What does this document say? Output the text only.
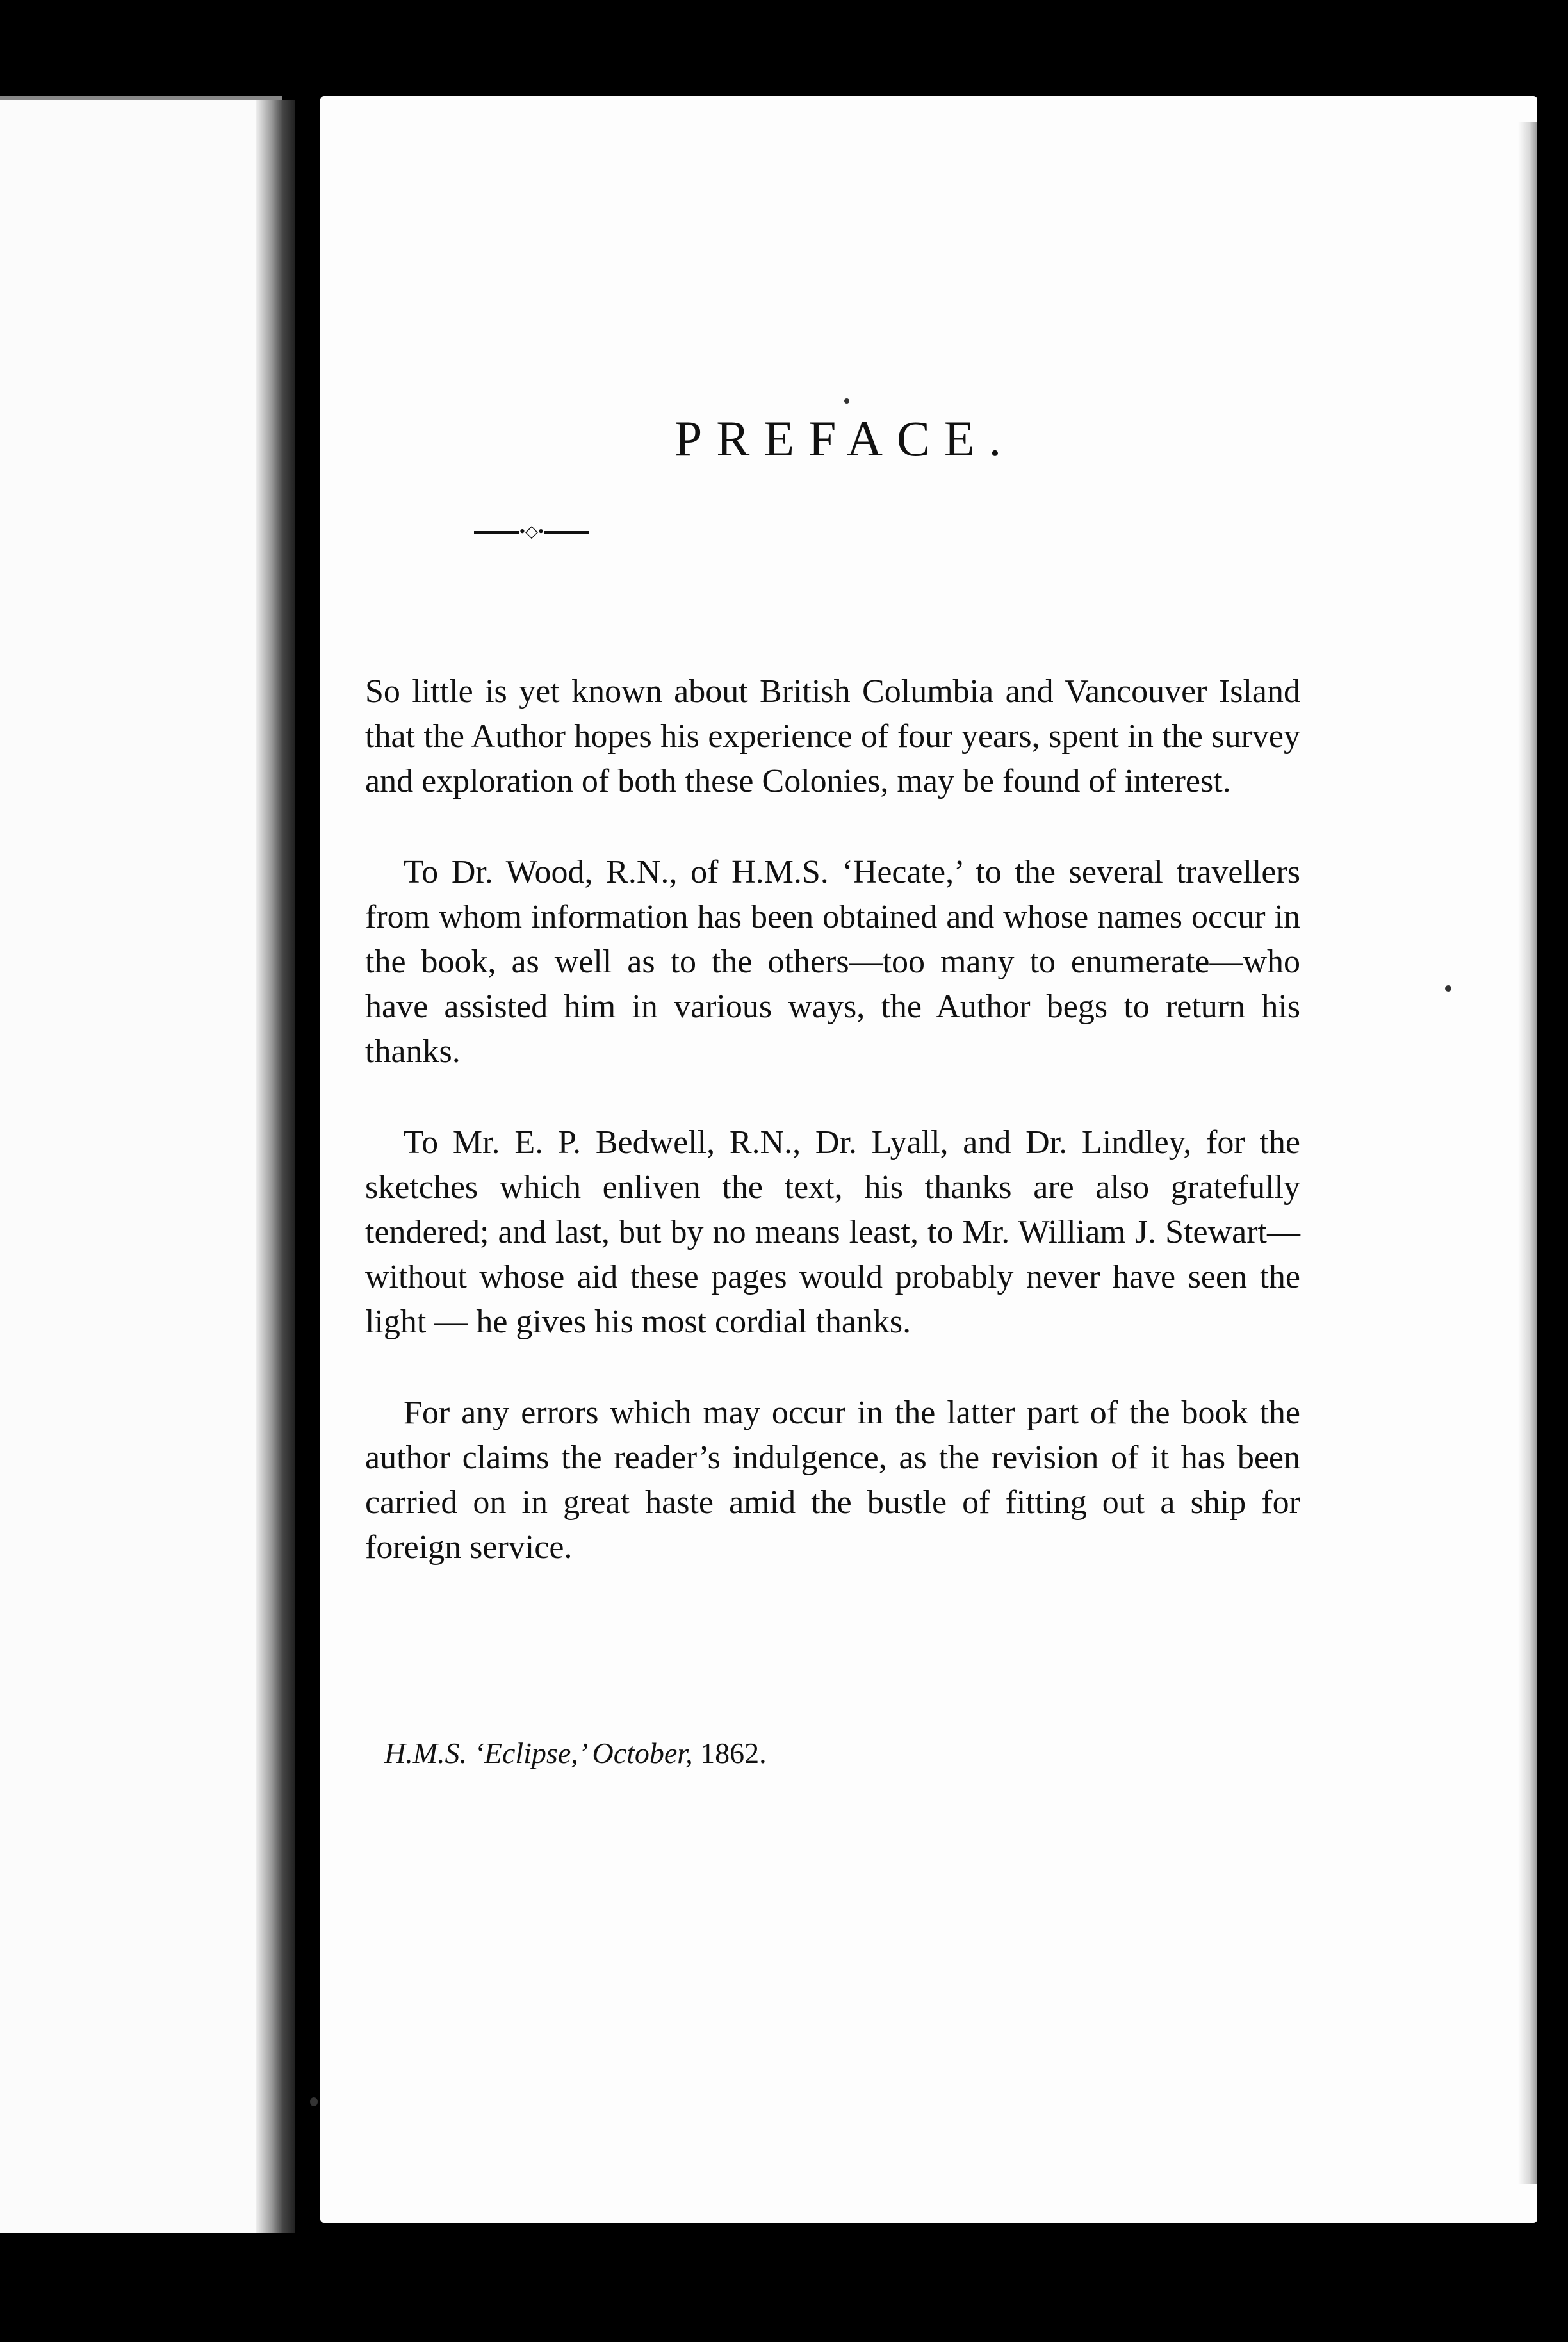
PREFACE.
•◇•

So little is yet known about British Columbia and Vancouver Island that the Author hopes his experience of four years, spent in the survey and exploration of both these Colonies, may be found of interest.

To Dr. Wood, R.N., of H.M.S. ‘Hecate,’ to the several travellers from whom information has been obtained and whose names occur in the book, as well as to the others—too many to enumerate—who have assisted him in various ways, the Author begs to return his thanks.

To Mr. E. P. Bedwell, R.N., Dr. Lyall, and Dr. Lindley, for the sketches which enliven the text, his thanks are also gratefully tendered; and last, but by no means least, to Mr. William J. Stewart—without whose aid these pages would probably never have seen the light — he gives his most cordial thanks.

For any errors which may occur in the latter part of the book the author claims the reader’s indulgence, as the revision of it has been carried on in great haste amid the bustle of fitting out a ship for foreign service.

H.M.S. ‘Eclipse,’ October, 1862.
